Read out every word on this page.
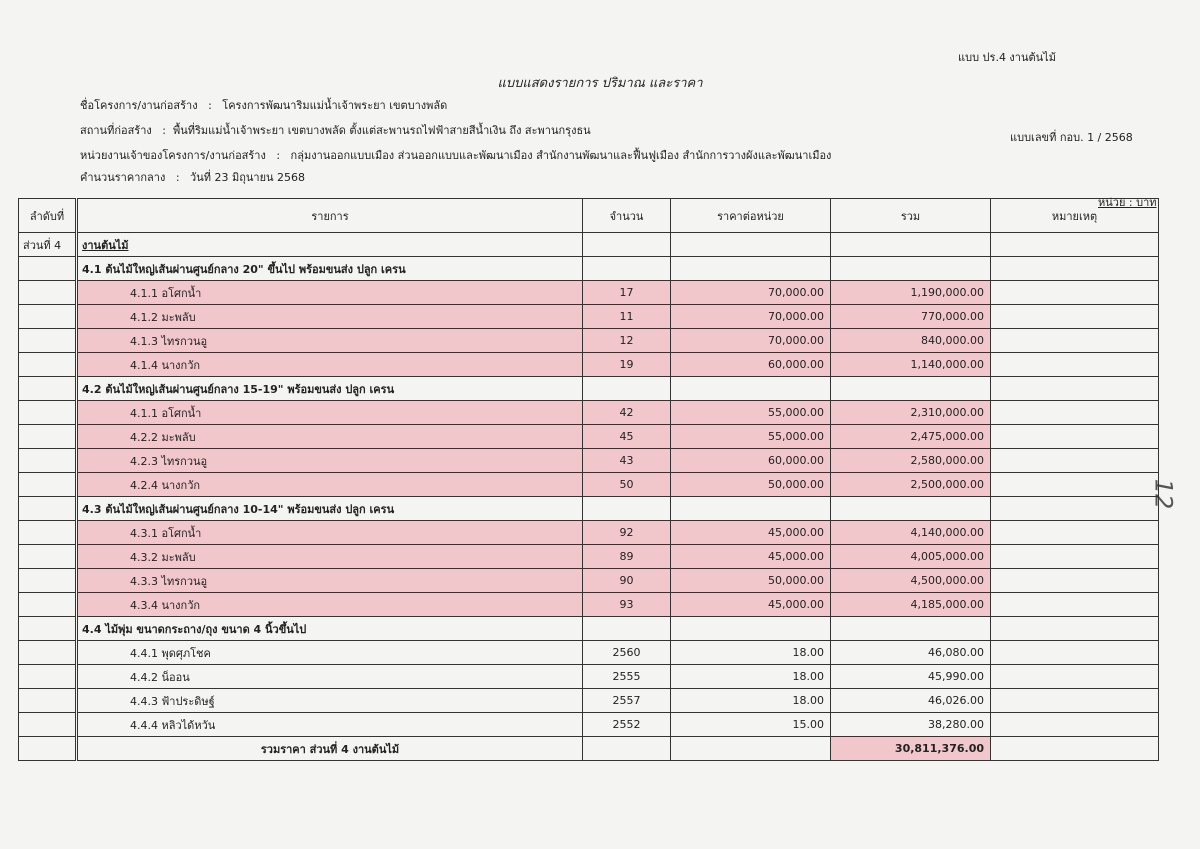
แบบ ปร.4 งานต้นไม้
แบบแสดงรายการ ปริมาณ และราคา
ชื่อโครงการ/งานก่อสร้าง   :   โครงการพัฒนาริมแม่น้ำเจ้าพระยา เขตบางพลัด
สถานที่ก่อสร้าง   :  พื้นที่ริมแม่น้ำเจ้าพระยา เขตบางพลัด ตั้งแต่สะพานรถไฟฟ้าสายสีน้ำเงิน ถึง สะพานกรุงธน
แบบเลขที่ กอบ. 1 / 2568
หน่วยงานเจ้าของโครงการ/งานก่อสร้าง   :   กลุ่มงานออกแบบเมือง ส่วนออกแบบและพัฒนาเมือง สำนักงานพัฒนาและฟื้นฟูเมือง สำนักการวางผังและพัฒนาเมือง
คำนวนราคากลาง   :   วันที่ 23 มิถุนายน 2568
หน่วย : บาท
12
ลำดับที่	รายการ	จำนวน	ราคาต่อหน่วย	รวม	หมายเหตุ
ส่วนที่ 4	งานต้นไม้				
	4.1 ต้นไม้ใหญ่เส้นผ่านศูนย์กลาง 20" ขึ้นไป พร้อมขนส่ง ปลูก เครน				
	4.1.1 อโศกน้ำ	17	70,000.00	1,190,000.00	
	4.1.2 มะพลับ	11	70,000.00	770,000.00	
	4.1.3 ไทรกวนอู	12	70,000.00	840,000.00	
	4.1.4 นางกวัก	19	60,000.00	1,140,000.00	
	4.2 ต้นไม้ใหญ่เส้นผ่านศูนย์กลาง 15-19" พร้อมขนส่ง ปลูก เครน				
	4.1.1 อโศกน้ำ	42	55,000.00	2,310,000.00	
	4.2.2 มะพลับ	45	55,000.00	2,475,000.00	
	4.2.3 ไทรกวนอู	43	60,000.00	2,580,000.00	
	4.2.4 นางกวัก	50	50,000.00	2,500,000.00	
	4.3 ต้นไม้ใหญ่เส้นผ่านศูนย์กลาง 10-14" พร้อมขนส่ง ปลูก เครน				
	4.3.1 อโศกน้ำ	92	45,000.00	4,140,000.00	
	4.3.2 มะพลับ	89	45,000.00	4,005,000.00	
	4.3.3 ไทรกวนอู	90	50,000.00	4,500,000.00	
	4.3.4 นางกวัก	93	45,000.00	4,185,000.00	
	4.4 ไม้พุ่ม ขนาดกระถาง/ถุง ขนาด 4 นิ้วขึ้นไป				
	4.4.1 พุดศุภโชค	2560	18.00	46,080.00	
	4.4.2 น็ออน	2555	18.00	45,990.00	
	4.4.3 ฟ้าประดิษฐ์	2557	18.00	46,026.00	
	4.4.4 หลิวได้หวัน	2552	15.00	38,280.00	
	รวมราคา ส่วนที่ 4 งานต้นไม้			30,811,376.00	
